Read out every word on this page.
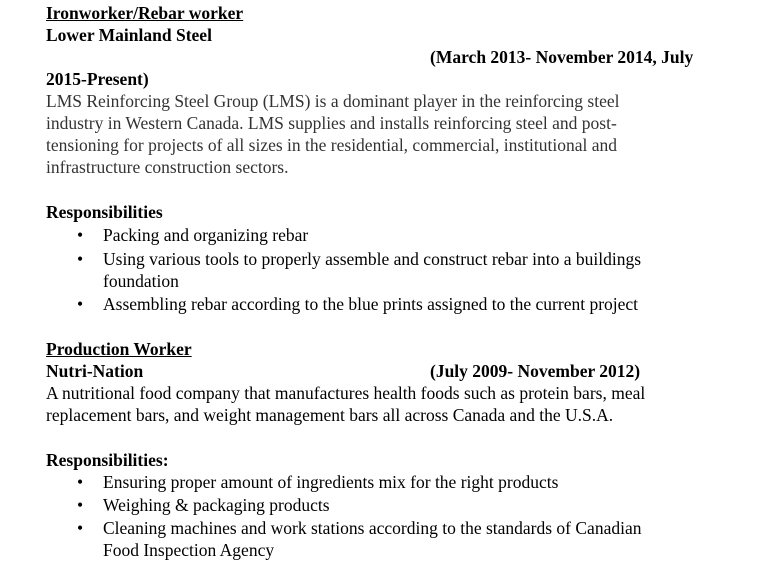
Ironworker/Rebar worker
Lower Mainland Steel
(March 2013- November 2014, July
2015-Present)
LMS Reinforcing Steel Group (LMS) is a dominant player in the reinforcing steel
industry in Western Canada. LMS supplies and installs reinforcing steel and post-
tensioning for projects of all sizes in the residential, commercial, institutional and
infrastructure construction sectors.
Responsibilities
• Packing and organizing rebar
• Using various tools to properly assemble and construct rebar into a buildings
foundation
• Assembling rebar according to the blue prints assigned to the current project
Production Worker
Nutri-Nation	(July 2009- November 2012)
A nutritional food company that manufactures health foods such as protein bars, meal
replacement bars, and weight management bars all across Canada and the U.S.A.
Responsibilities:
• Ensuring proper amount of ingredients mix for the right products
• Weighing & packaging products
• Cleaning machines and work stations according to the standards of Canadian
Food Inspection Agency
